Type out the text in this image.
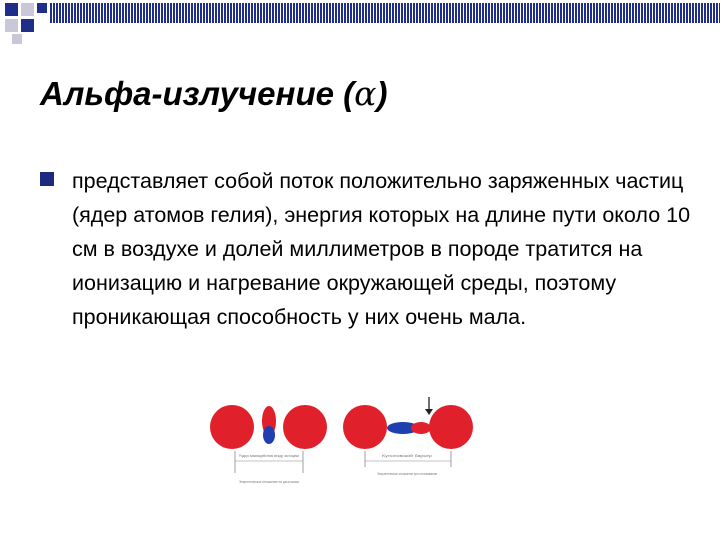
Альфа-излучение (α)
представляет собой поток положительно заряженных частиц (ядер атомов гелия), энергия которых на длине пути около 10 см в воздухе и долей миллиметров в породе тратится на ионизацию и нагревание окружающей среды, поэтому проникающая способность у них очень мала.
Радиус взаимодействия между частицами
Энергетическое отношение на расстоянии
Кулоновский барьер
Энергетическое отношение при отталкивании
